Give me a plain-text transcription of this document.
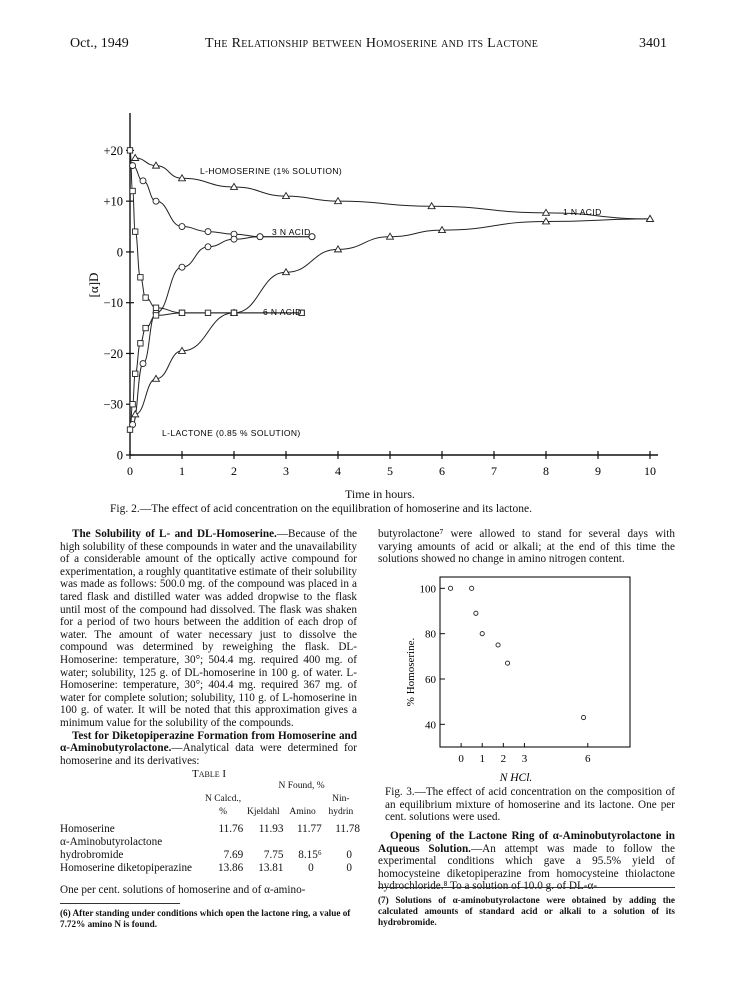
Oct., 1949	The Relationship between Homoserine and its Lactone	3401
+20
+10
0
−10
−20
−30
0
0	1	2	3	4	5	6	7	8	9	10
[α]D
L-HOMOSERINE (1% SOLUTION)
1 N ACID
3 N ACID
6 N ACID
L-LACTONE (0.85 % SOLUTION)
Time in hours.
Fig. 2.—The effect of acid concentration on the equilibration of homoserine and its lactone.

The Solubility of L- and DL-Homoserine.—Because of the high solubility of these compounds in water and the unavailability of a considerable amount of the optically active compound for experimentation, a roughly quantitative estimate of their solubility was made as follows: 500.0 mg. of the compound was placed in a tared flask and distilled water was added dropwise to the flask until most of the compound had dissolved. The flask was shaken for a period of two hours between the addition of each drop of water. The amount of water necessary just to dissolve the compound was determined by reweighing the flask. DL-Homoserine: temperature, 30°; 504.4 mg. required 400 mg. of water; solubility, 125 g. of DL-homoserine in 100 g. of water. L-Homoserine: temperature, 30°; 404.4 mg. required 367 mg. of water for complete solution; solubility, 110 g. of L-homoserine in 100 g. of water. It will be noted that this approximation gives a minimum value for the solubility of the compounds.

Test for Diketopiperazine Formation from Homoserine and α-Aminobutyrolactone.—Analytical data were determined for homoserine and its derivatives:

Table I
	N Calcd., %	N Found, %		
		Kjeldahl	Amino	Nin-hydrin
Homoserine	11.76	11.93	11.77	11.78
α-Aminobutyrolactone hydrobromide	7.69	7.75	8.15⁶	0
Homoserine diketopiperazine	13.86	13.81	0	0
One per cent. solutions of homoserine and of α-amino-
(6) After standing under conditions which open the lactone ring, a value of 7.72% amino N is found.
butyrolactone⁷ were allowed to stand for several days with varying amounts of acid or alkali; at the end of this time the solutions showed no change in amino nitrogen content.
100
80
60
40
0 1 2 3	6
% Homoserine.
N HCl.
Fig. 3.—The effect of acid concentration on the composition of an equilibrium mixture of homoserine and its lactone. One per cent. solutions were used.

Opening of the Lactone Ring of α-Aminobutyrolactone in Aqueous Solution.—An attempt was made to follow the experimental conditions which gave a 95.5% yield of homocysteine diketopiperazine from homocysteine thiolactone hydrochloride.⁸ To a solution of 10.0 g. of DL-α-

(7) Solutions of α-aminobutyrolactone were obtained by adding the calculated amounts of standard acid or alkali to a solution of its hydrobromide.
